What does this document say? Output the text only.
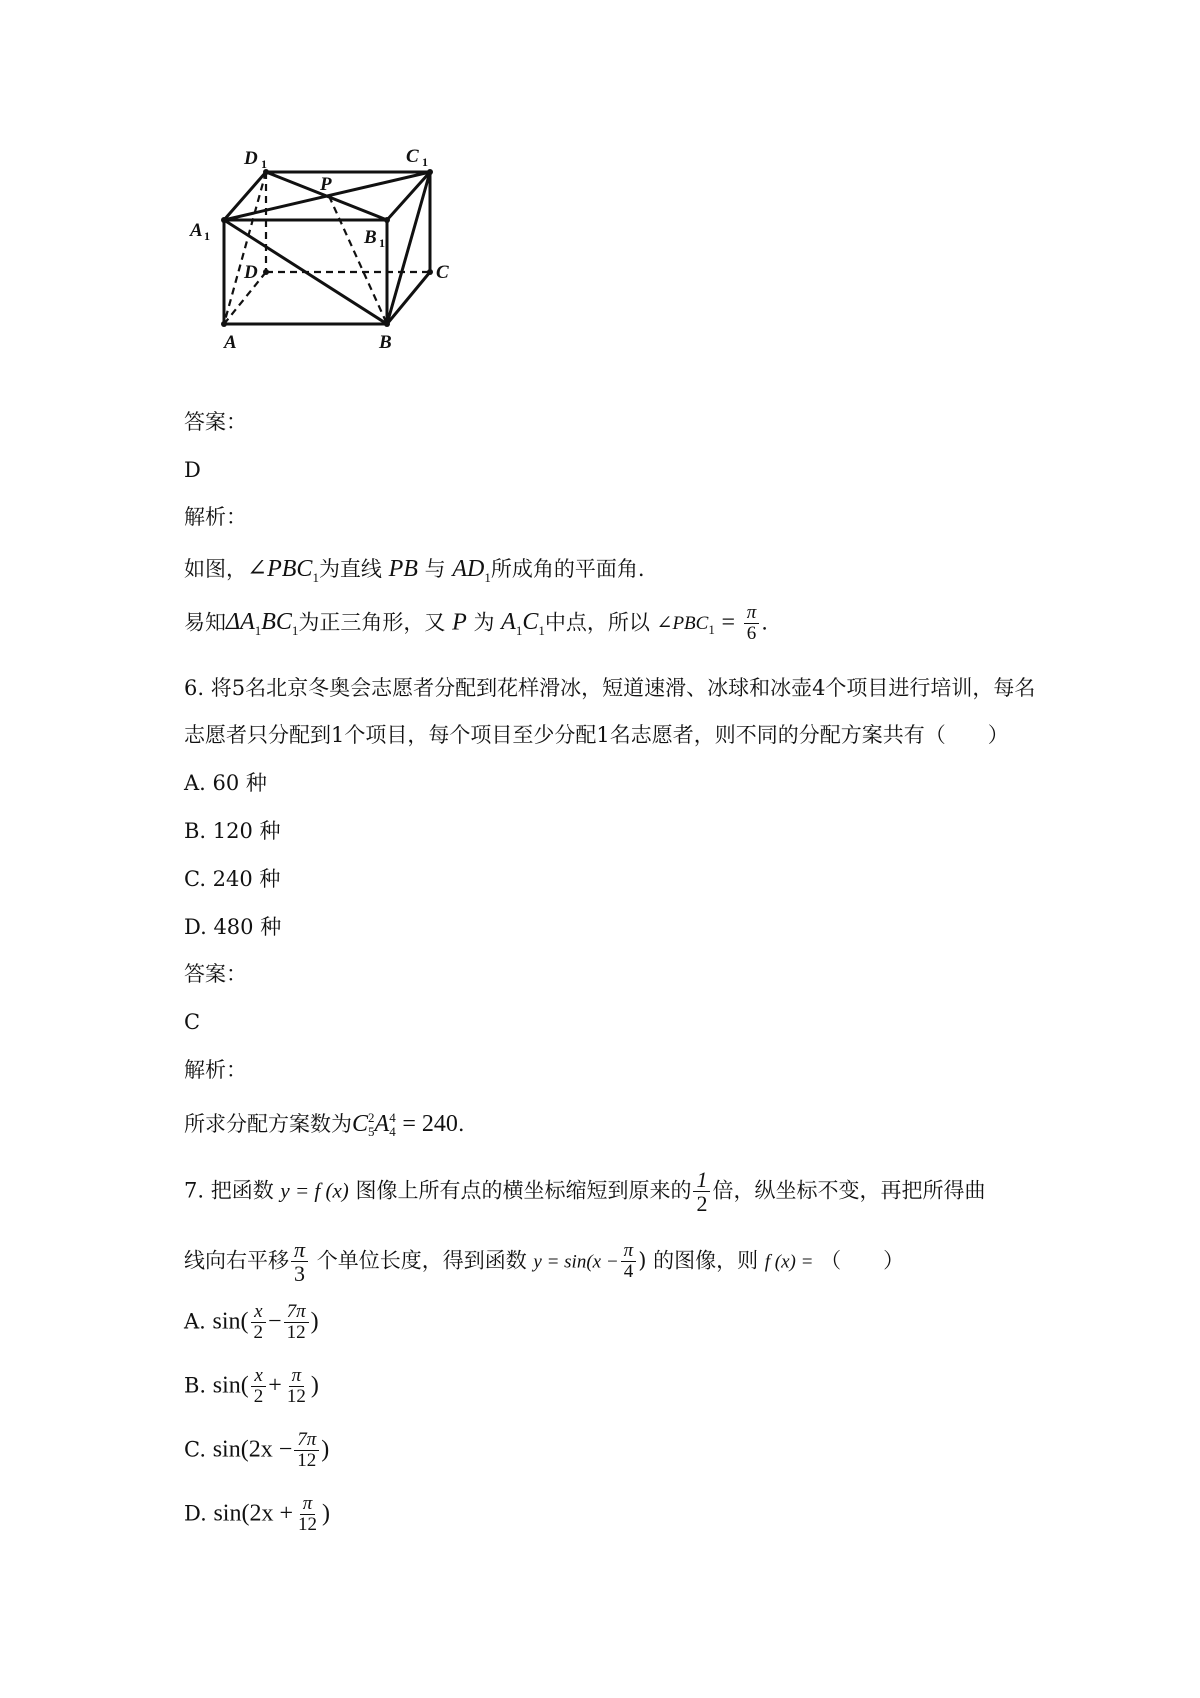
D 1	C 1
P
A 1	B 1
D	C
A	B
答案：
D
解析：
如图，$\angle PBC_1$为直线 PB 与 $AD_1$所成角的平面角.
易知$\Delta A_1BC_1$为正三角形，又 P 为 $A_1C_1$中点，所以 $\angle PBC_1 = \frac{\pi}{6}$ .
6. 将5名北京冬奥会志愿者分配到花样滑冰，短道速滑、冰球和冰壶4个项目进行培训，每名
志愿者只分配到1个项目，每个项目至少分配1名志愿者，则不同的分配方案共有（　　）
A. 60 种
B. 120 种
C. 240 种
D. 480 种
答案：
C
解析：
所求分配方案数为C 2
5 A 4
4 = 240.
7. 把函数 y = f (x) 图像上所有点的横坐标缩短到原来的 $\frac{1}{2}$ 倍，纵坐标不变，再把所得曲
线向右平移 $\frac{\pi}{3}$ 个单位长度，得到函数 $y = \sin(x - \frac{\pi}{4}$ ) 的图像，则 f (x) = （　　）
A. $\sin( \frac{x}{2} - \frac{7\pi}{12}$ )
B. $\sin( \frac{x}{2} + \frac{\pi}{12}$ )
C. $\sin(2x - \frac{7\pi}{12}$ )
D. $\sin(2x + \frac{\pi}{12}$ )
